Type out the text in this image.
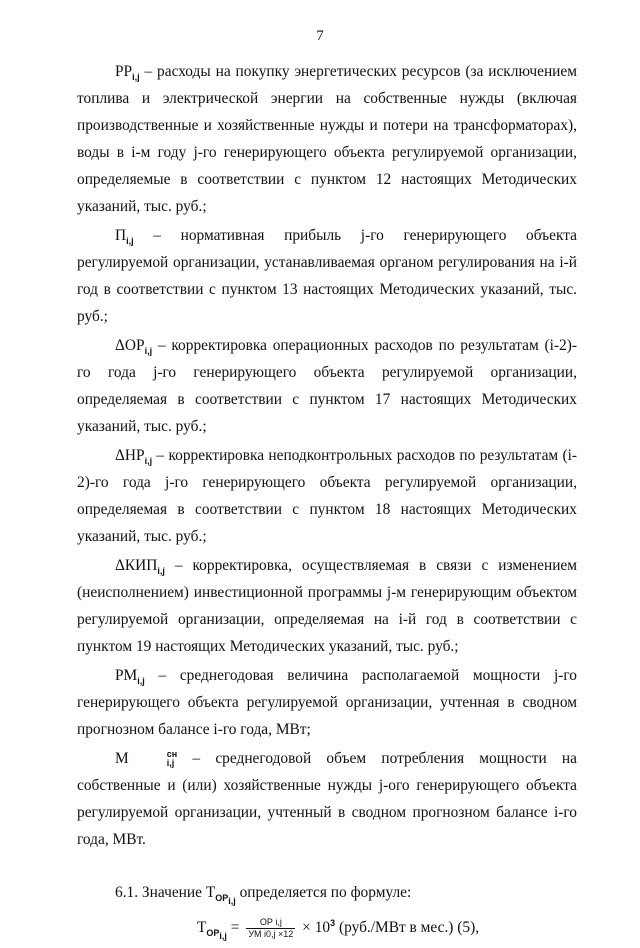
7

$РР_{i,j}$ – расходы на покупку энергетических ресурсов (за исключением топлива и электрической энергии на собственные нужды (включая производственные и хозяйственные нужды и потери на трансформаторах), воды в i-м году j-го генерирующего объекта регулируемой организации, определяемые в соответствии с пунктом 12 настоящих Методических указаний, тыс. руб.;

$П_{i,j}$ – нормативная прибыль j-го генерирующего объекта регулируемой организации, устанавливаемая органом регулирования на i-й год в соответствии с пунктом 13 настоящих Методических указаний, тыс. руб.;

$\Delta ОР_{i,j}$ – корректировка операционных расходов по результатам (i-2)-го года j-го генерирующего объекта регулируемой организации, определяемая в соответствии с пунктом 17 настоящих Методических указаний, тыс. руб.;

$\Delta НР_{i,j}$ – корректировка неподконтрольных расходов по результатам (i-2)-го года j-го генерирующего объекта регулируемой организации, определяемая в соответствии с пунктом 18 настоящих Методических указаний, тыс. руб.;

$\Delta КИП_{i,j}$ – корректировка, осуществляемая в связи с изменением (неисполнением) инвестиционной программы j-м генерирующим объектом регулируемой организации, определяемая на i-й год в соответствии с пунктом 19 настоящих Методических указаний, тыс. руб.;

$РМ_{i,j}$ – среднегодовая величина располагаемой мощности j-го генерирующего объекта регулируемой организации, учтенная в сводном прогнозном балансе i-го года, МВт;

М	сн
i,j – среднегодовой объем потребления мощности на собственные и (или) хозяйственные нужды j-ого генерирующего объекта регулируемой организации, учтенный в сводном прогнозном балансе i-го года, МВт.

6.1. Значение $Т_{ОР_{i,j}}$ определяется по формуле:

$Т_{ОР_{i,j}} = \frac{\text{ОР i,j}}{\text{УМ i0,j ×12}} \times 10^3$ (руб./МВт в мес.) (5),
